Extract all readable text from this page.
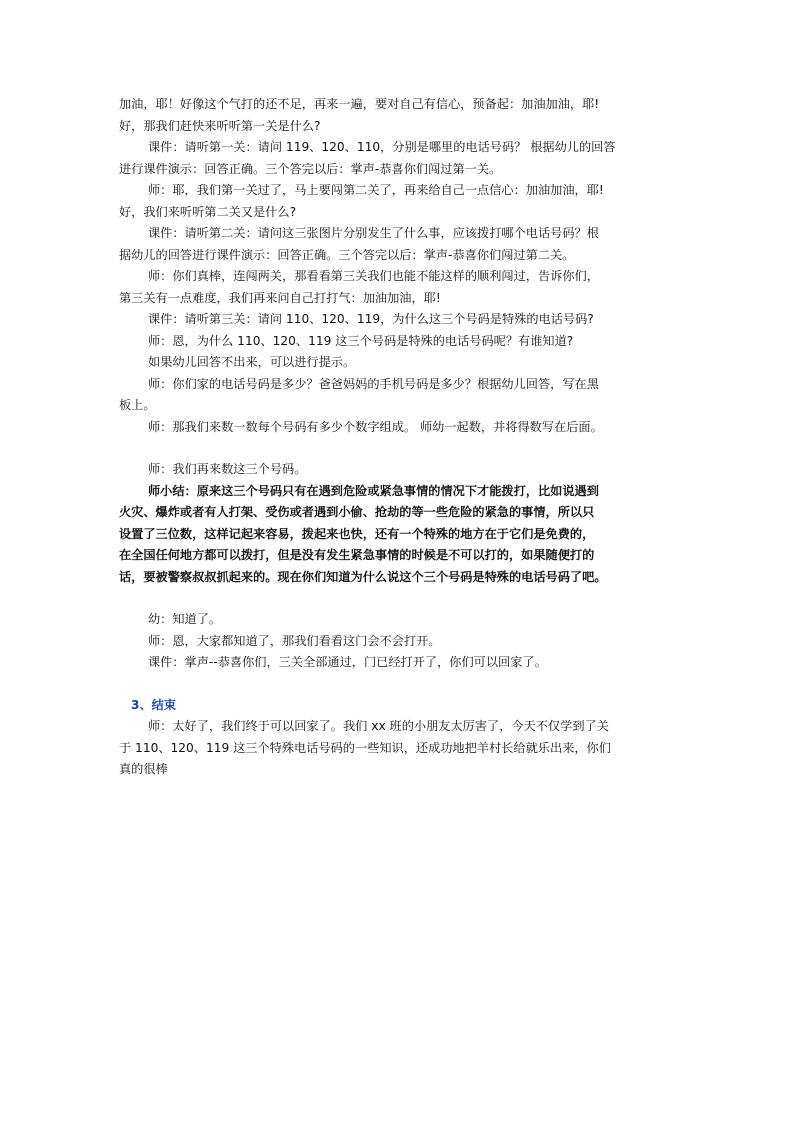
加油，耶！好像这个气打的还不足，再来一遍，要对自己有信心，预备起：加油加油，耶!

好，那我们赶快来听听第一关是什么?

课件：请听第一关：请问 119、120、110，分别是哪里的电话号码？ 根据幼儿的回答

进行课件演示：回答正确。三个答完以后：掌声-恭喜你们闯过第一关。

师：耶，我们第一关过了，马上要闯第二关了，再来给自己一点信心：加油加油，耶!

好，我们来听听第二关又是什么?

课件：请听第二关：请问这三张图片分别发生了什么事，应该拨打哪个电话号码？根

据幼儿的回答进行课件演示：回答正确。三个答完以后：掌声-恭喜你们闯过第二关。

师：你们真棒，连闯两关，那看看第三关我们也能不能这样的顺利闯过，告诉你们，

第三关有一点难度，我们再来问自己打打气：加油加油，耶!

课件：请听第三关：请问 110、120、119，为什么这三个号码是特殊的电话号码?

师：恩，为什么 110、120、119 这三个号码是特殊的电话号码呢？有谁知道?

如果幼儿回答不出来，可以进行提示。

师：你们家的电话号码是多少？爸爸妈妈的手机号码是多少？根据幼儿回答，写在黑

板上。

师：那我们来数一数每个号码有多少个数字组成。 师幼一起数，并将得数写在后面。

师：我们再来数这三个号码。

师小结：原来这三个号码只有在遇到危险或紧急事情的情况下才能拨打，比如说遇到

火灾、爆炸或者有人打架、受伤或者遇到小偷、抢劫的等一些危险的紧急的事情，所以只

设置了三位数，这样记起来容易，拨起来也快，还有一个特殊的地方在于它们是免费的，

在全国任何地方都可以拨打，但是没有发生紧急事情的时候是不可以打的，如果随便打的

话，要被警察叔叔抓起来的。现在你们知道为什么说这个三个号码是特殊的电话号码了吧。

幼：知道了。

师：恩，大家都知道了，那我们看看这门会不会打开。

课件：掌声--恭喜你们，三关全部通过，门已经打开了，你们可以回家了。

3、结束

师：太好了，我们终于可以回家了。我们 xx 班的小朋友太厉害了，今天不仅学到了关

于 110、120、119 这三个特殊电话号码的一些知识，还成功地把羊村长给就乐出来，你们

真的很棒
